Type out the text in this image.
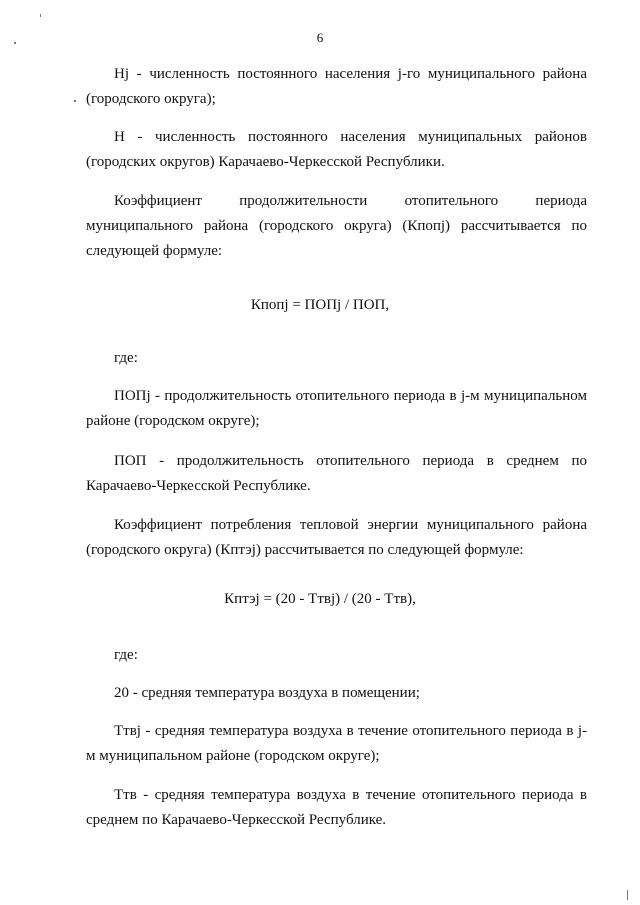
6
Нj - численность постоянного населения j-го муниципального района
(городского округа);
Н - численность постоянного населения муниципальных районов
(городских округов) Карачаево-Черкесской Республики.
Коэффициент продолжительности отопительного периода
муниципального района (городского округа) (Кпопj) рассчитывается по
следующей формуле:
Кпопj = ПОПj / ПОП,
где:
ПОПj - продолжительность отопительного периода в j-м муниципальном
районе (городском округе);
ПОП - продолжительность отопительного периода в среднем по
Карачаево-Черкесской Республике.
Коэффициент потребления тепловой энергии муниципального района
(городского округа) (Кптэj) рассчитывается по следующей формуле:
Кптэj = (20 - Ттвj) / (20 - Ттв),
где:
20 - средняя температура воздуха в помещении;
Ттвj - средняя температура воздуха в течение отопительного периода в j-
м муниципальном районе (городском округе);
Ттв - средняя температура воздуха в течение отопительного периода в
среднем по Карачаево-Черкесской Республике.
